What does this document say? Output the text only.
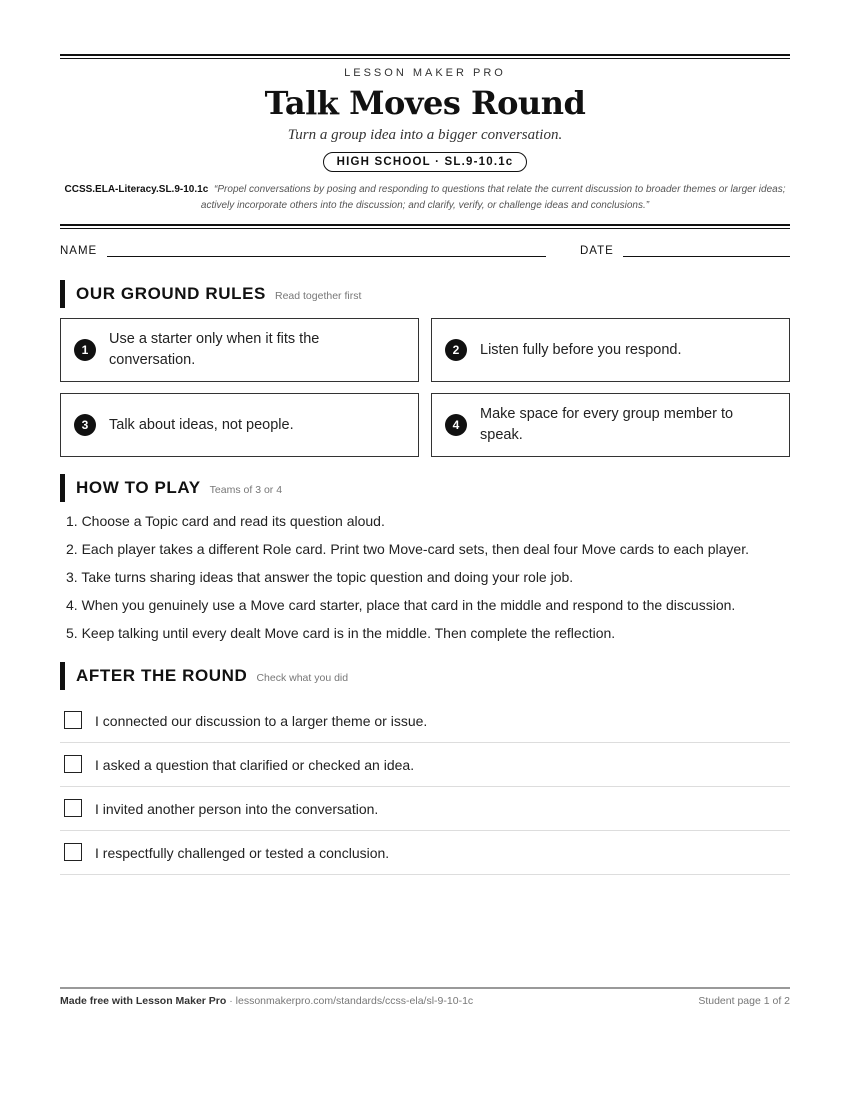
LESSON MAKER PRO
Talk Moves Round
Turn a group idea into a bigger conversation.
HIGH SCHOOL · SL.9-10.1c
CCSS.ELA-Literacy.SL.9-10.1c “Propel conversations by posing and responding to questions that relate the current discussion to broader themes or larger ideas; actively incorporate others into the discussion; and clarify, verify, or challenge ideas and conclusions.”
NAME	DATE
OUR GROUND RULES Read together first
1
Use a starter only when it fits the conversation.
2	Listen fully before you respond.
3	Talk about ideas, not people.	4
Make space for every group member to speak.
HOW TO PLAY Teams of 3 or 4
1. Choose a Topic card and read its question aloud.
2. Each player takes a different Role card. Print two Move-card sets, then deal four Move cards to each player.
3. Take turns sharing ideas that answer the topic question and doing your role job.
4. When you genuinely use a Move card starter, place that card in the middle and respond to the discussion.
5. Keep talking until every dealt Move card is in the middle. Then complete the reflection.
AFTER THE ROUND Check what you did
I connected our discussion to a larger theme or issue.
I asked a question that clarified or checked an idea.
I invited another person into the conversation.
I respectfully challenged or tested a conclusion.
Made free with Lesson Maker Pro · lessonmakerpro.com/standards/ccss-ela/sl-9-10-1c	Student page 1 of 2
